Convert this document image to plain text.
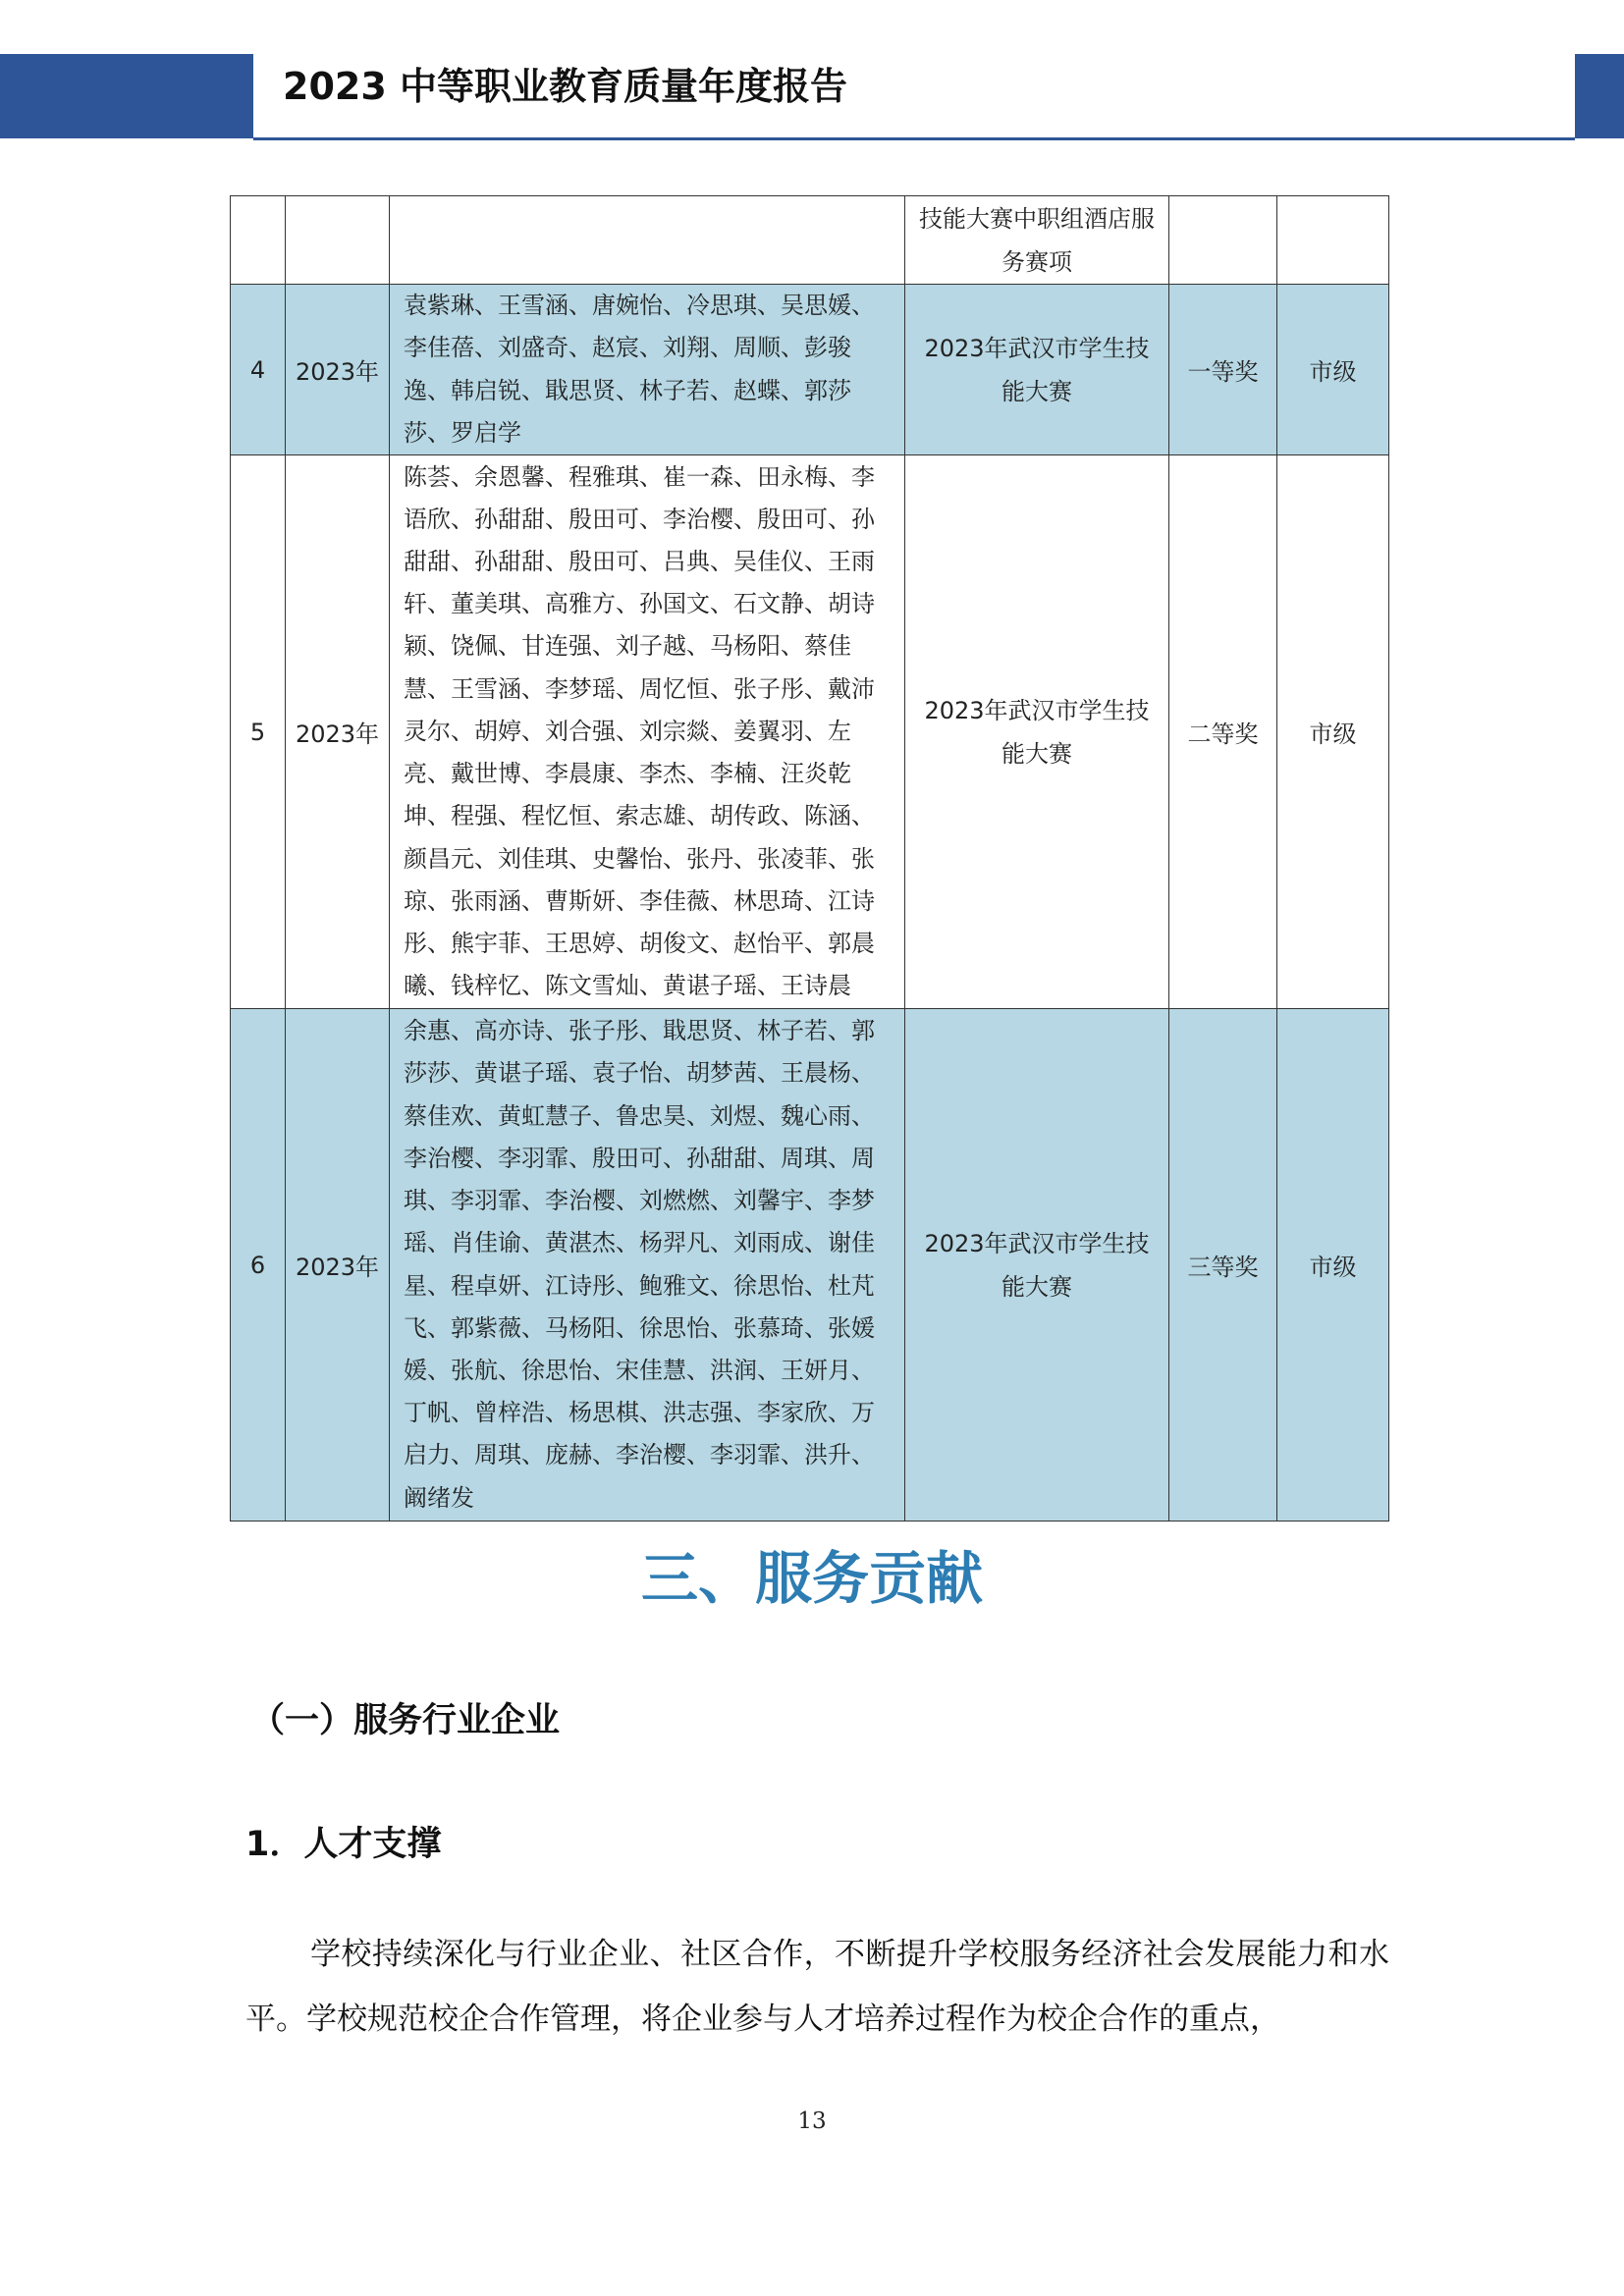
2023 中等职业教育质量年度报告
			技能大赛中职组酒店服务赛项		
4	2023年	袁紫琳、王雪涵、唐婉怡、冷思琪、吴思媛、李佳蓓、刘盛奇、赵宸、刘翔、周顺、彭骏逸、韩启锐、戢思贤、林子若、赵蝶、郭莎莎、罗启学	2023年武汉市学生技能大赛	一等奖	市级
5	2023年	陈荟、余恩馨、程雅琪、崔一森、田永梅、李语欣、孙甜甜、殷田可、李治樱、殷田可、孙甜甜、孙甜甜、殷田可、吕典、吴佳仪、王雨轩、董美琪、高雅方、孙国文、石文静、胡诗颖、饶佩、甘连强、刘子越、马杨阳、蔡佳慧、王雪涵、李梦瑶、周忆恒、张子彤、戴沛灵尔、胡婷、刘合强、刘宗燚、姜翼羽、左亮、戴世博、李晨康、李杰、李楠、汪炎乾坤、程强、程忆恒、索志雄、胡传政、陈涵、颜昌元、刘佳琪、史馨怡、张丹、张凌菲、张琼、张雨涵、曹斯妍、李佳薇、林思琦、江诗彤、熊宇菲、王思婷、胡俊文、赵怡平、郭晨曦、钱梓忆、陈文雪灿、黄谌子瑶、王诗晨	2023年武汉市学生技能大赛	二等奖	市级
6	2023年	余惠、高亦诗、张子彤、戢思贤、林子若、郭莎莎、黄谌子瑶、袁子怡、胡梦茜、王晨杨、蔡佳欢、黄虹慧子、鲁忠昊、刘煜、魏心雨、李治樱、李羽霏、殷田可、孙甜甜、周琪、周琪、李羽霏、李治樱、刘燃燃、刘馨宇、李梦瑶、肖佳谕、黄湛杰、杨羿凡、刘雨成、谢佳星、程卓妍、江诗彤、鲍雅文、徐思怡、杜芃飞、郭紫薇、马杨阳、徐思怡、张慕琦、张媛媛、张航、徐思怡、宋佳慧、洪润、王妍月、丁帆、曾梓浩、杨思棋、洪志强、李家欣、万启力、周琪、庞赫、李治樱、李羽霏、洪升、阚绪发	2023年武汉市学生技能大赛	三等奖	市级
三、服务贡献
（一）服务行业企业
1．人才支撑

学校持续深化与行业企业、社区合作，不断提升学校服务经济社会发展能力和水平。学校规范校企合作管理，将企业参与人才培养过程作为校企合作的重点，

13
